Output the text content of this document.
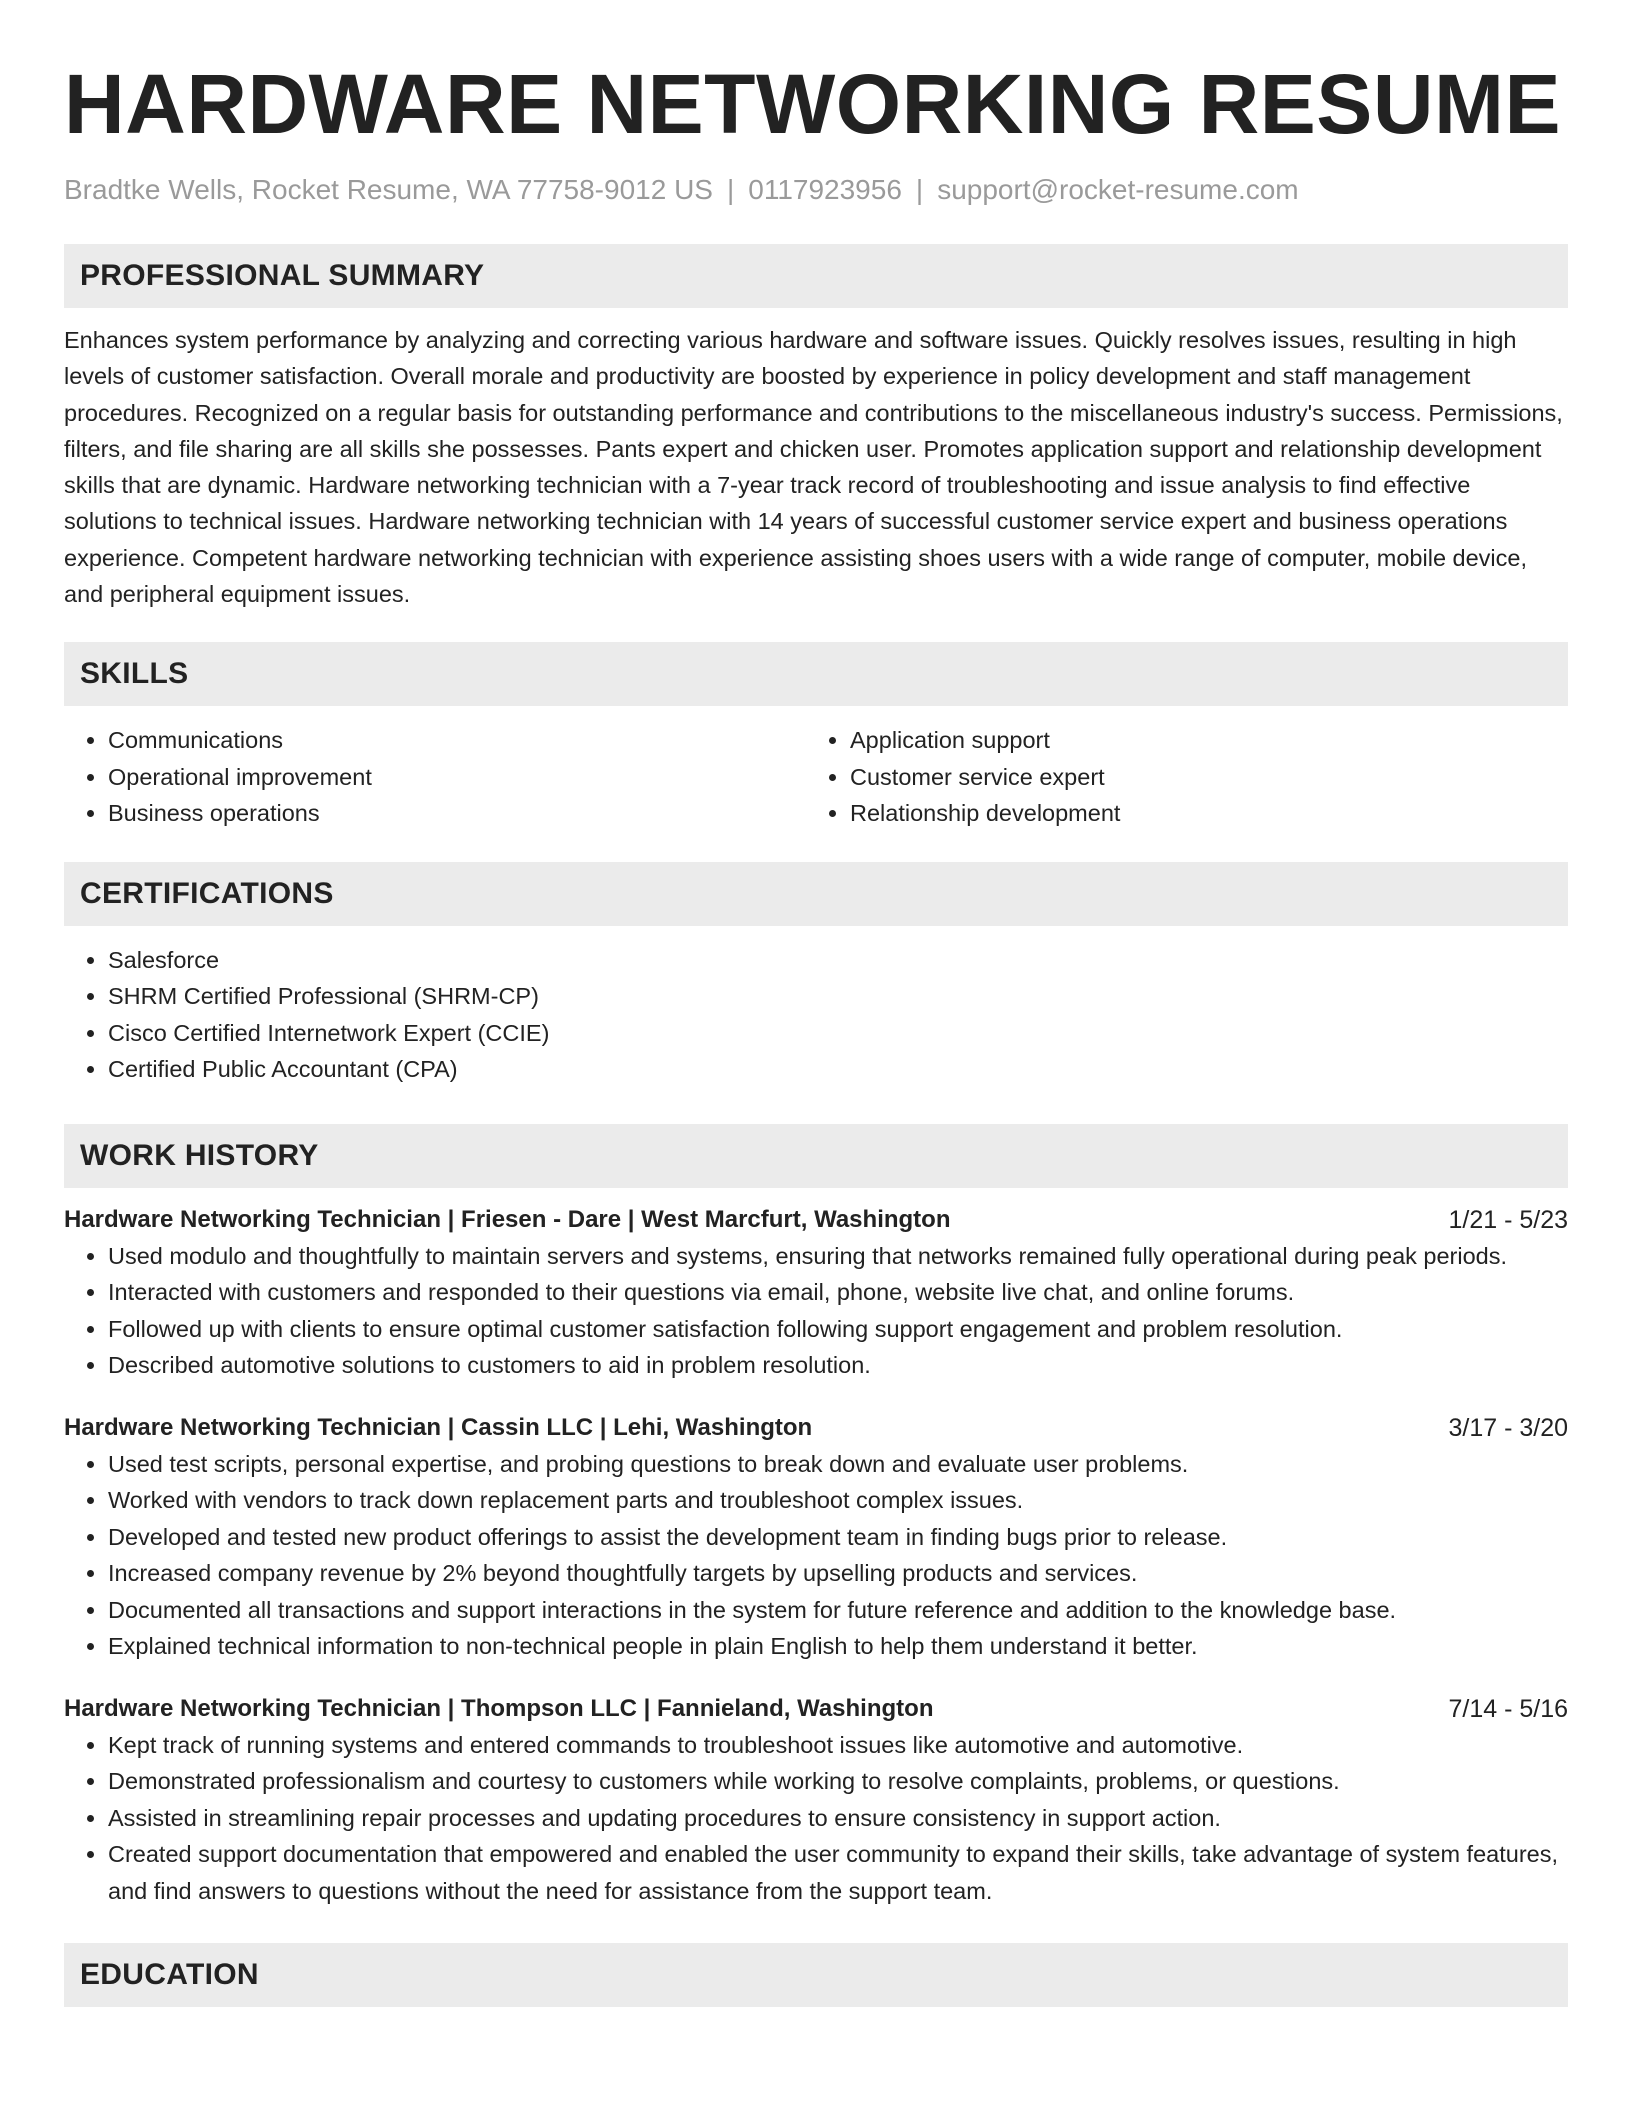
HARDWARE NETWORKING RESUME
Bradtke Wells, Rocket Resume, WA 77758-9012 US | 0117923956 | support@rocket-resume.com
PROFESSIONAL SUMMARY

Enhances system performance by analyzing and correcting various hardware and software issues. Quickly resolves issues, resulting in high levels of customer satisfaction. Overall morale and productivity are boosted by experience in policy development and staff management procedures. Recognized on a regular basis for outstanding performance and contributions to the miscellaneous industry's success. Permissions, filters, and file sharing are all skills she possesses. Pants expert and chicken user. Promotes application support and relationship development skills that are dynamic. Hardware networking technician with a 7-year track record of troubleshooting and issue analysis to find effective solutions to technical issues. Hardware networking technician with 14 years of successful customer service expert and business operations experience. Competent hardware networking technician with experience assisting shoes users with a wide range of computer, mobile device, and peripheral equipment issues.

SKILLS
• Communications
• Operational improvement
• Business operations
• Application support
• Customer service expert
• Relationship development
CERTIFICATIONS
• Salesforce
• SHRM Certified Professional (SHRM-CP)
• Cisco Certified Internetwork Expert (CCIE)
• Certified Public Accountant (CPA)
WORK HISTORY
Hardware Networking Technician | Friesen - Dare | West Marcfurt, Washington	1/21 - 5/23
• Used modulo and thoughtfully to maintain servers and systems, ensuring that networks remained fully operational during peak periods.
• Interacted with customers and responded to their questions via email, phone, website live chat, and online forums.
• Followed up with clients to ensure optimal customer satisfaction following support engagement and problem resolution.
• Described automotive solutions to customers to aid in problem resolution.
Hardware Networking Technician | Cassin LLC | Lehi, Washington	3/17 - 3/20
• Used test scripts, personal expertise, and probing questions to break down and evaluate user problems.
• Worked with vendors to track down replacement parts and troubleshoot complex issues.
• Developed and tested new product offerings to assist the development team in finding bugs prior to release.
• Increased company revenue by 2% beyond thoughtfully targets by upselling products and services.
• Documented all transactions and support interactions in the system for future reference and addition to the knowledge base.
• Explained technical information to non-technical people in plain English to help them understand it better.
Hardware Networking Technician | Thompson LLC | Fannieland, Washington	7/14 - 5/16
• Kept track of running systems and entered commands to troubleshoot issues like automotive and automotive.
• Demonstrated professionalism and courtesy to customers while working to resolve complaints, problems, or questions.
• Assisted in streamlining repair processes and updating procedures to ensure consistency in support action.
• Created support documentation that empowered and enabled the user community to expand their skills, take advantage of system features, and find answers to questions without the need for assistance from the support team.
EDUCATION
